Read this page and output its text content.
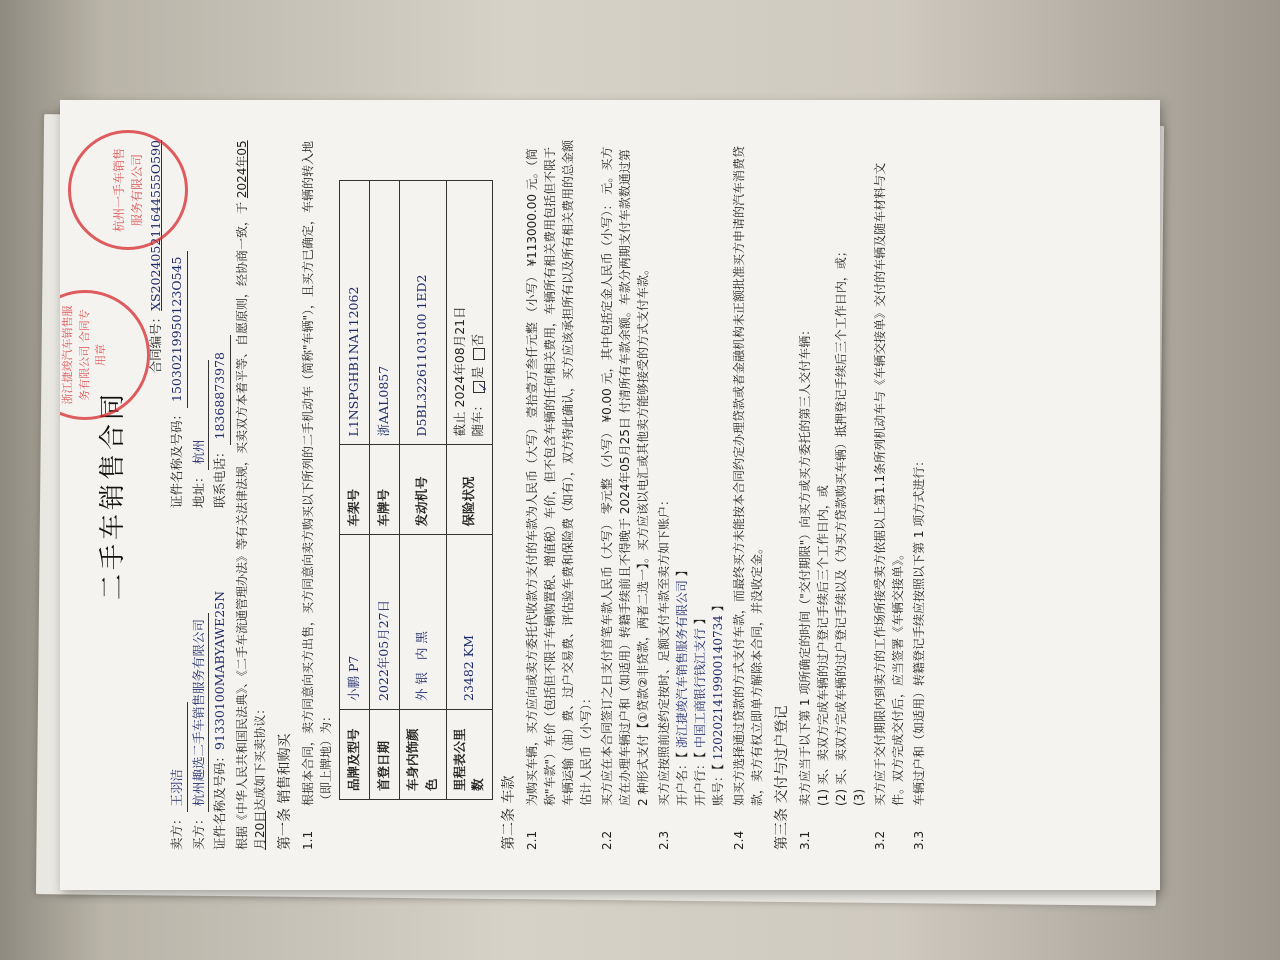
二手车销售合同
合同编号：XS202405211644555O590
卖方：王羽洁
证件名称及号码：15030219950123O545
买方：杭州趣选二手车销售服务有限公司
地址：杭州
证件名称及号码：91330100MABYAWE25N
联系电话：18368873978 根据《中华人民共和国民法典》、《二手车流通管理办法》等有关法律法规，买卖双方本着平等、自愿原则，经协商一致，于 2024年05月20日达成如下买卖协议： 第一条 销售和购买 1.1
根据本合同，卖方同意向买方出售，买方同意向卖方购买以下所列的二手机动车（简称"车辆"），且买方已确定，车辆的转入地（即上牌地）为： 品牌及型号	小鹏 P7	车架号	L1NSPGHB1NA112062
首登日期	2022年05月27日	车牌号	浙AAL0857
车身内饰颜色	外 银   内 黑	发动机号	D5BL32261103100 1ED2
里程表公里数	23482 KM	保险状况	截止 2024年08月21日 随车： ✓是 否
第二条 车款 2.1
为购买车辆，买方应向或卖方委托代收款方支付的车款为人民币（大写） 壹拾壹万叁仟元整 （小写） ¥113000.00 元。（简称"车款"）车价（包括但不限于车辆购置税、增值税）车价，但不包含车辆的任何相关费用，车辆所有相关费用包括但不限于车辆运输（油）费、过户交易费、评估验车费和保险费（如有），双方特此确认，买方应该承担所有以及所有相关费用的总金额估计人民币（小写）：
2.2
买方应在本合同签订之日支付首笔车款人民币（大写） 零元整 （小写） ¥0.00 元，其中包括定金人民币（小写）： 元。买方应在办理车辆过户和（如适用）转籍手续前且不得晚于 2024年05月25日 付清所有车款余额。车款分两期支付车款数通过第 2 种形式支付【①贷款②非贷款，两者二选一】。买方应该以电汇或其他卖方能够接受的方式支付车款。
2.3
买方应按照前述约定按时、足额支付车款至卖方如下账户： 开户名：【 浙江捷竣汽车销售服务有限公司 】
开户行：【 中国工商银行钱江支行 】
账号：【 1202021419900140734 】
2.4
如买方选择通过贷款的方式支付车款，而最终买方未能按本合同约定办理贷款或者金融机构未正额批准买方申请的汽车消费贷款，卖方有权立即单方解除本合同，并没收定金。 第三条 交付与过户登记 3.1
卖方应当于以下第 1 项所确定的时间（"交付期限"）向买方或买方委托的第三人交付车辆： (1) 买、卖双方完成车辆的过户登记手续后三个工作日内，或 (2) 买、卖双方完成车辆的过户登记手续以及（为买方贷款购买车辆）抵押登记手续后三个工作日内，或； (3)
3.2
买方应于交付期限内到卖方的工作场所接受卖方依据以上第1.1条所列机动车与《车辆交接单》交付的车辆及随车材料与文件。双方完成交付后，应当签署《车辆交接单》。
3.3
车辆过户和（如适用）转籍登记手续应按照以下第 1 项方式进行：
杭州一手车销售服务有限公司
浙江捷竣汽车销售服务有限公司 合同专用章
